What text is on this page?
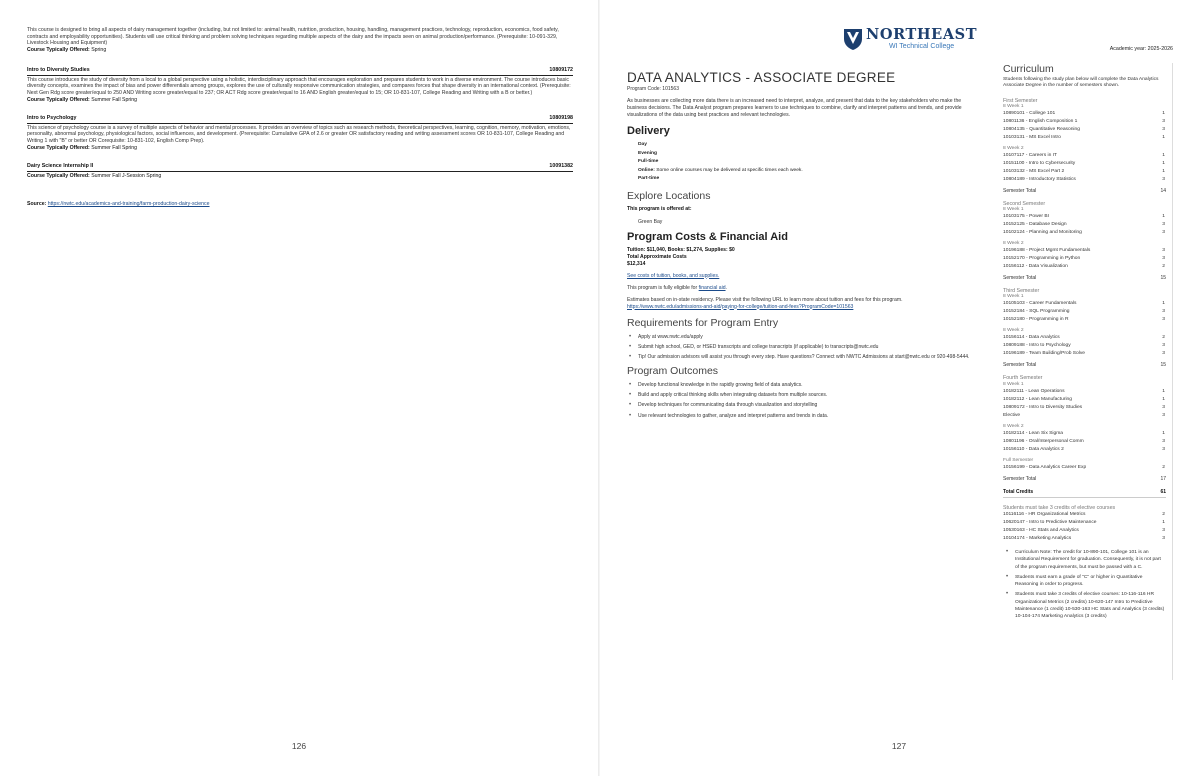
This course is designed to bring all aspects of dairy management together (including, but not limited to: animal health, nutrition, production, housing, handling, management practices, technology, reproduction, economics, food safety, contracts and employability opportunities). Students will use critical thinking and problem solving techniques regarding multiple aspects of the dairy and the impacts seen on animal production/performance. (Prerequisite: 10-091-329, Livestock Housing and Equipment)
Course Typically Offered: Spring
Intro to Diversity Studies	10809172
This course introduces the study of diversity from a local to a global perspective using a holistic, interdisciplinary approach that encourages exploration and prepares students to work in a diverse environment. The course introduces basic diversity concepts, examines the impact of bias and power differentials among groups, explores the use of culturally responsive communication strategies, and compares forces that shape diversity in an international context. (Prerequisite: Next Gen Rdg score greater/equal to 250 AND Writing score greater/equal to 237; OR ACT Rdg score greater/equal to 16 AND English greater/equal to 15; OR 10-831-107, College Reading and Writing with a B or better.)
Course Typically Offered: Summer Fall Spring
Intro to Psychology	10809198
This science of psychology course is a survey of multiple aspects of behavior and mental processes. It provides an overview of topics such as research methods, theoretical perspectives, learning, cognition, memory, motivation, emotions, personality, abnormal psychology, physiological factors, social influences, and development. (Prerequisite: Cumulative GPA of 2.6 or greater OR satisfactory reading and writing assessment scores OR 10-831-107, College Reading and Writing 1 with "B" or better OR Corequisite: 10-831-102, English Comp Prep).
Course Typically Offered: Summer Fall Spring
Dairy Science Internship II	10091382
Course Typically Offered: Summer Fall J-Session Spring
Source: https://nwtc.edu/academics-and-training/farm-production-dairy-science
126
NORTHEAST
WI Technical College	Academic year: 2025-2026
DATA ANALYTICS - ASSOCIATE DEGREE
Program Code: 101563
As businesses are collecting more data there is an increased need to interpret, analyze, and present that data to the key stakeholders who make the business decisions. The Data Analyst program prepares learners to use techniques to combine, clarify and interpret patterns and trends, and provide visualizations of the data using best practices and relevant technologies.
Delivery
Day
Evening
Full-time
Online: Some online courses may be delivered at specific times each week.
Part-time
Explore Locations
This program is offered at:
Green Bay
Program Costs & Financial Aid
Tuition: $11,040, Books: $1,274, Supplies: $0
Total Approximate Costs
$12,314
See costs of tuition, books, and supplies.
This program is fully eligible for financial aid.
Estimates based on in-state residency. Please visit the following URL to learn more about tuition and fees for this program.
https://www.nwtc.edu/admissions-and-aid/paying-for-college/tuition-and-fees?ProgramCode=101563
Requirements for Program Entry
• Apply at www.nwtc.edu/apply
• Submit high school, GED, or HSED transcripts and college transcripts (if applicable) to transcripts@nwtc.edu
• Tip! Our admission advisors will assist you through every step. Have questions? Connect with NWTC Admissions at start@nwtc.edu or 920-498-5444.
Program Outcomes
• Develop functional knowledge in the rapidly growing field of data analytics.
• Build and apply critical thinking skills when integrating datasets from multiple sources.
• Develop techniques for communicating data through visualization and storytelling
• Use relevant technologies to gather, analyze and interpret patterns and trends in data.
Curriculum
Students following the study plan below will complete the Data Analytics Associate Degree in the number of semesters shown.
First Semester
8 Week 1
10890101 - College 101	1
10801136 - English Composition 1	3
10804135 - Quantitative Reasoning	3
10103131 - MS Excel Intro	1
8 Week 2
10107117 - Careers in IT	1
10151100 - Intro to Cybersecurity	1
10103132 - MS Excel Part 2	1
10804189 - Introductory Statistics	3
Semester Total	14
Second Semester
8 Week 1
10103175 - Power BI	1
10152125 - Database Design	3
10102124 - Planning and Monitoring	3
8 Week 2
10196188 - Project Mgmt Fundamentals	3
10152170 - Programming in Python	3
10156112 - Data Visualization	2
Semester Total	15
Third Semester
8 Week 1
10105103 - Career Fundamentals	1
10152184 - SQL Programming	3
10152180 - Programming in R	3
8 Week 2
10156114 - Data Analytics	2
10809188 - Intro to Psychology	3
10196189 - Team Building/Prob Solve	3
Semester Total	15
Fourth Semester
8 Week 1
10182111 - Lean Operations	1
10182112 - Lean Manufacturing	1
10809172 - Intro to Diversity Studies	3
Elective	3
8 Week 2
10182114 - Lean Six Sigma	1
10801196 - Oral/Interpersonal Comm	3
10156110 - Data Analytics 2	3
Full Semester
10156199 - Data Analytics Career Exp	2
Semester Total	17
Total Credits	61
Students must take 3 credits of elective courses
10116116 - HR Organizational Metrics	2
10620147 - Intro to Predictive Maintenance	1
10530163 - HC Stats and Analytics	3
10104174 - Marketing Analytics	3
• Curriculum Note: The credit for 10-890-101, College 101 is an Institutional Requirement for graduation. Consequently, it is not part of the program requirements, but must be passed with a C.
• Students must earn a grade of "C" or higher in Quantitative Reasoning in order to progress.
• Students must take 3 credits of elective courses: 10-116-116 HR Organizational Metrics (2 credits) 10-620-147 Intro to Predictive Maintenance (1 credit) 10-530-163 HC Stats and Analytics (3 credits) 10-104-174 Marketing Analytics (3 credits)
127
